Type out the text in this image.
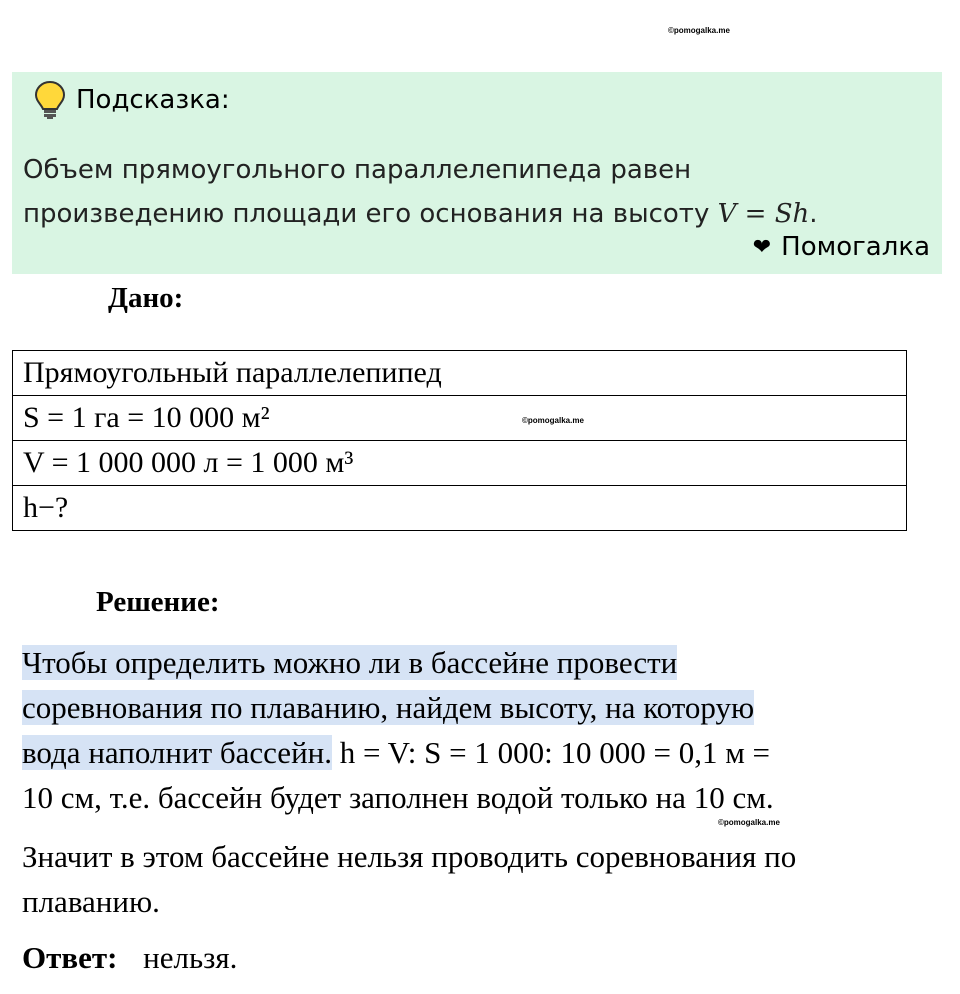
©pomogalka.me
Подсказка:
Объем прямоугольного параллелепипеда равен
произведению площади его основания на высоту V = Sh.
❤ Помогалка
Дано:
Прямоугольный параллелепипед
S = 1 га = 10 000 м²
V = 1 000 000 л = 1 000 м³
h−?
©pomogalka.me
Решение:
Чтобы определить можно ли в бассейне провести
соревнования по плаванию, найдем высоту, на которую
вода наполнит бассейн. h = V: S = 1 000: 10 000 = 0,1 м =
10 см, т.е. бассейн будет заполнен водой только на 10 см.
©pomogalka.me
Значит в этом бассейне нельзя проводить соревнования по плаванию.
Ответ: нельзя.
